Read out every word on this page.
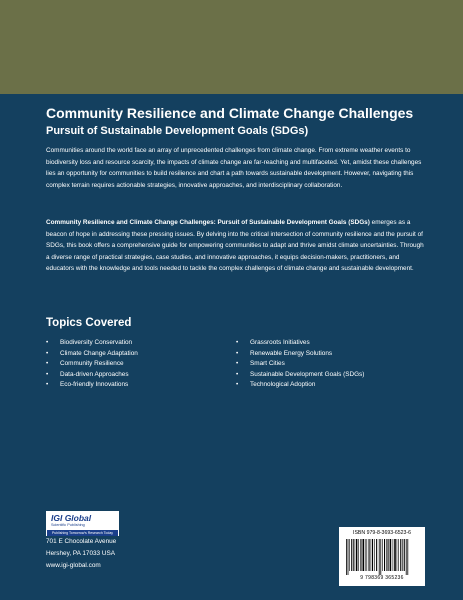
Community Resilience and Climate Change Challenges
Pursuit of Sustainable Development Goals (SDGs)

Communities around the world face an array of unprecedented challenges from climate change. From extreme weather events to biodiversity loss and resource scarcity, the impacts of climate change are far-reaching and multifaceted. Yet, amidst these challenges lies an opportunity for communities to build resilience and chart a path towards sustainable development. However, navigating this complex terrain requires actionable strategies, innovative approaches, and interdisciplinary collaboration.

Community Resilience and Climate Change Challenges: Pursuit of Sustainable Development Goals (SDGs) emerges as a beacon of hope in addressing these pressing issues. By delving into the critical intersection of community resilience and the pursuit of SDGs, this book offers a comprehensive guide for empowering communities to adapt and thrive amidst climate uncertainties. Through a diverse range of practical strategies, case studies, and innovative approaches, it equips decision-makers, practitioners, and educators with the knowledge and tools needed to tackle the complex challenges of climate change and sustainable development.

Topics Covered
• Biodiversity Conservation
• Climate Change Adaptation
• Community Resilience
• Data-driven Approaches
• Eco-friendly Innovations
• Grassroots Initiatives
• Renewable Energy Solutions
• Smart Cities
• Sustainable Development Goals (SDGs)
• Technological Adoption
IGI Global
Scientific Publishing
Publishing Tomorrow's Research Today
701 E Chocolate Avenue
Hershey, PA 17033 USA
www.igi-global.com
ISBN 979-8-3693-6523-6
9 798369 365236
